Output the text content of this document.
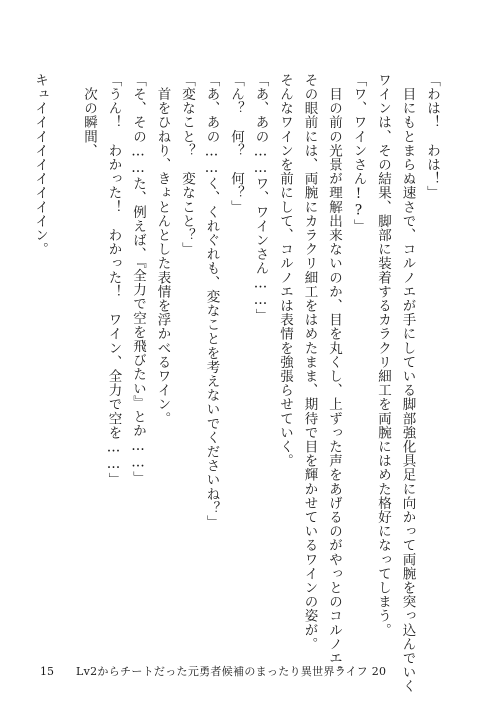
「わは！　わは！」

目にもとまらぬ速さで、コルノエが手にしている脚部強化具足に向かって両腕を突っ込んでいく

ワインは、その結果、脚部に装着するカラクリ細工を両腕にはめた格好になってしまう。

「ワ、ワインさん!?」

目の前の光景が理解出来ないのか、目を丸くし、上ずった声をあげるのがやっとのコルノエ。

その眼前には、両腕にカラクリ細工をはめたまま、期待で目を輝かせているワインの姿が。

そんなワインを前にして、コルノエは表情を強張らせていく。

「あ、あの……ワ、ワインさん……」

「ん？　何？　何？」

「あ、あの……く、くれぐれも、変なことを考えないでくださいね？」

「変なこと？　変なこと？」

首をひねり、きょとんとした表情を浮かべるワイン。

「そ、その……た、例えば、『全力で空を飛びたい』とか……」

「うん！　わかった！　わかった！　ワイン、全力で空を……」

次の瞬間、

キュイイイイイイイイイン。

15 Lv2からチートだった元勇者候補のまったり異世界ライフ 20
